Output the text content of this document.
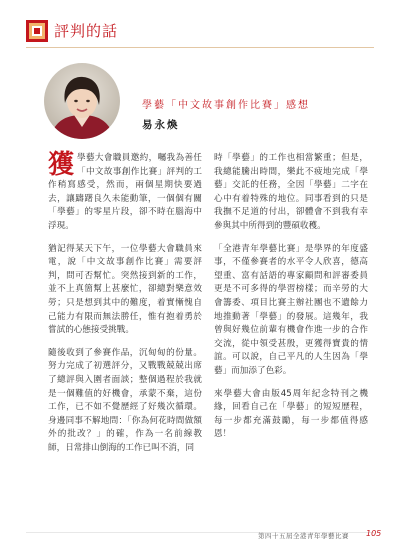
評判的話
學藝「中文故事創作比賽」感想
易永煥

獲學藝大會職員邀約，囑我為善任「中文故事創作比賽」評判的工作稍寫感受，然而，兩個星期快要過去，讓躊躇良久未能動筆，一個個有關「學藝」的零星片段，卻不時在腦海中浮現。

猶記得某天下午，一位學藝大會職員來電，說「中文故事創作比賽」需要評判，問可否幫忙。突然接到新的工作，並不上真箇幫上甚麼忙，卻總對樂意效勞；只是想到其中的難度，着實慚愧自己能力有限而無法勝任，惟有抱着勇於嘗試的心態接受挑戰。

隨後收到了參賽作品，沉甸甸的份量。努力完成了初選評分，又戰戰兢兢出席了總評與入圍者面談；整個過程於我就是一個難值的好機會，承蒙不棄，這份工作，已不如不覺歷經了好幾次循環。身邊同事不解地問：「你為何花時間做額外的批改？」的確，作為一名前線教師，日常排山倒海的工作已叫不消，同

時「學藝」的工作也相當繁重；但是，我總能騰出時間，樂此不疲地完成「學藝」交託的任務，全因「學藝」二字在心中有着特殊的地位。同事看到的只是我撫不足道的付出，卻體會不到我有幸參與其中所得到的豐碩收穫。

「全港青年學藝比賽」是學界的年度盛事，不僅參賽者的水平令人欣喜，德高望重、富有話語的專家顧問和評審委員更是不可多得的學習榜樣；而辛勞的大會籌委、項目比賽主辦社團也不遺餘力地推動著「學藝」的發展。這幾年，我曾與好幾位前輩有機會作進一步的合作交流，從中領受甚殷，更獲得寶貴的情誼。可以說，自己平凡的人生因為「學藝」而加添了色彩。

來學藝大會由版45周年紀念特刊之機緣，回看自己在「學藝」的短短歷程，每一步都充滿鼓勵，每一步都值得感恩！

第四十五屆全港青年學藝比賽 105
